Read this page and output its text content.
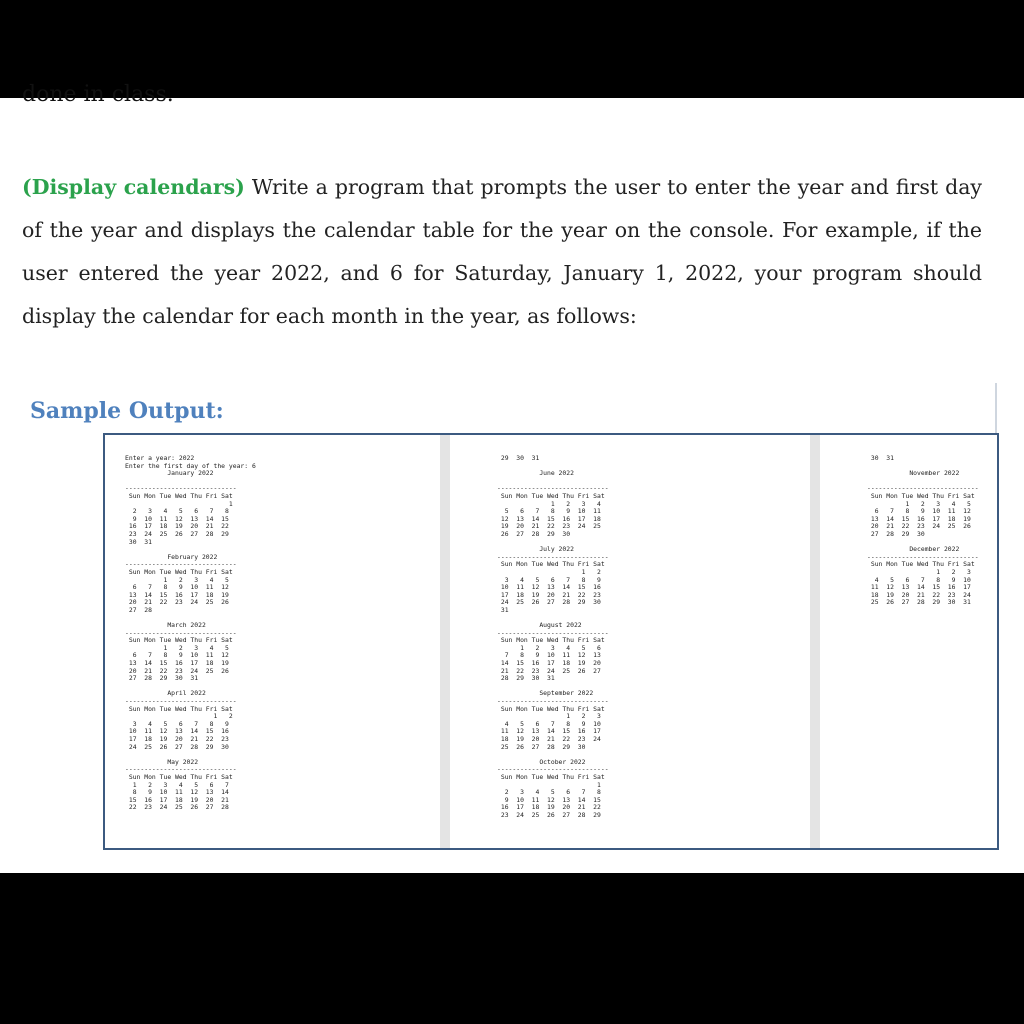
done in class.
(Display calendars) Write a program that prompts the user to enter the year and first day of the year and displays the calendar table for the year on the console. For example, if the user entered the year 2022, and 6 for Saturday, January 1, 2022, your program should display the calendar for each month in the year, as follows:
Sample Output:
Enter a year: 2022
Enter the first day of the year: 6
January 2022

-----------------------------
Sun Mon Tue Wed Thu Fri Sat
1
2   3   4   5   6   7   8
9  10  11  12  13  14  15
16  17  18  19  20  21  22
23  24  25  26  27  28  29
30  31

February 2022
-----------------------------
Sun Mon Tue Wed Thu Fri Sat
1   2   3   4   5
6   7   8   9  10  11  12
13  14  15  16  17  18  19
20  21  22  23  24  25  26
27  28

March 2022
-----------------------------
Sun Mon Tue Wed Thu Fri Sat
1   2   3   4   5
6   7   8   9  10  11  12
13  14  15  16  17  18  19
20  21  22  23  24  25  26
27  28  29  30  31

April 2022
-----------------------------
Sun Mon Tue Wed Thu Fri Sat
1   2
3   4   5   6   7   8   9
10  11  12  13  14  15  16
17  18  19  20  21  22  23
24  25  26  27  28  29  30

May 2022
-----------------------------
Sun Mon Tue Wed Thu Fri Sat
1   2   3   4   5   6   7
8   9  10  11  12  13  14
15  16  17  18  19  20  21
22  23  24  25  26  27  28
29  30  31

June 2022

-----------------------------
Sun Mon Tue Wed Thu Fri Sat
1   2   3   4
5   6   7   8   9  10  11
12  13  14  15  16  17  18
19  20  21  22  23  24  25
26  27  28  29  30

July 2022
-----------------------------
Sun Mon Tue Wed Thu Fri Sat
1   2
3   4   5   6   7   8   9
10  11  12  13  14  15  16
17  18  19  20  21  22  23
24  25  26  27  28  29  30
31

August 2022
-----------------------------
Sun Mon Tue Wed Thu Fri Sat
1   2   3   4   5   6
7   8   9  10  11  12  13
14  15  16  17  18  19  20
21  22  23  24  25  26  27
28  29  30  31

September 2022
-----------------------------
Sun Mon Tue Wed Thu Fri Sat
1   2   3
4   5   6   7   8   9  10
11  12  13  14  15  16  17
18  19  20  21  22  23  24
25  26  27  28  29  30

October 2022
-----------------------------
Sun Mon Tue Wed Thu Fri Sat
1
2   3   4   5   6   7   8
9  10  11  12  13  14  15
16  17  18  19  20  21  22
23  24  25  26  27  28  29
30  31

November 2022

-----------------------------
Sun Mon Tue Wed Thu Fri Sat
1   2   3   4   5
6   7   8   9  10  11  12
13  14  15  16  17  18  19
20  21  22  23  24  25  26
27  28  29  30

December 2022
-----------------------------
Sun Mon Tue Wed Thu Fri Sat
1   2   3
4   5   6   7   8   9  10
11  12  13  14  15  16  17
18  19  20  21  22  23  24
25  26  27  28  29  30  31
